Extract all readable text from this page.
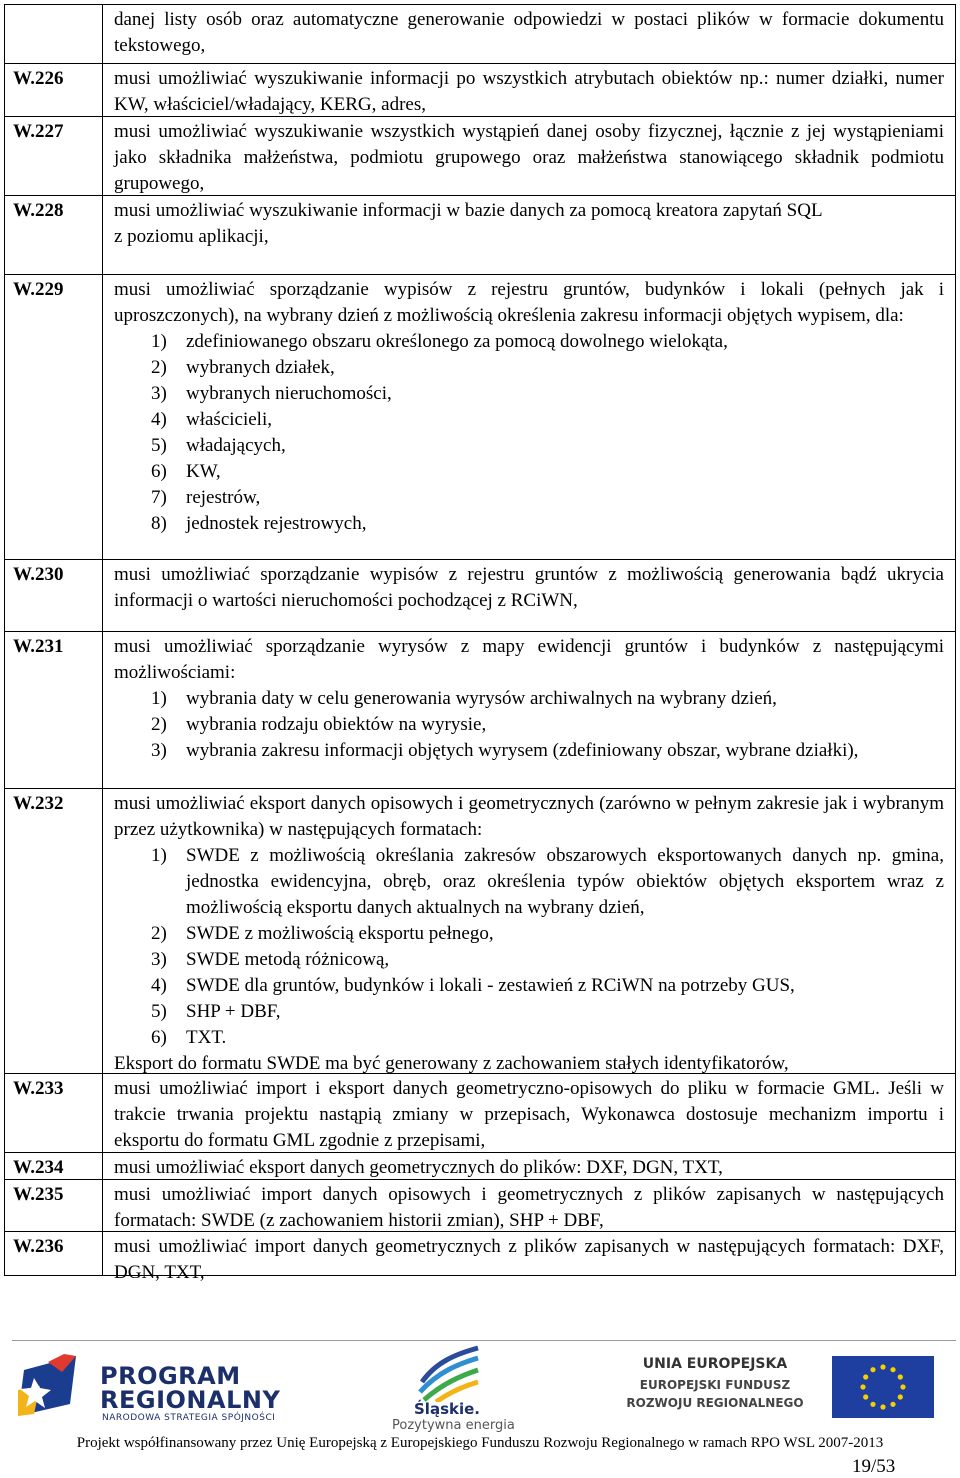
danej listy osób oraz automatyczne generowanie odpowiedzi w postaci plików w formacie dokumentu tekstowego,
W.226	musi umożliwiać wyszukiwanie informacji po wszystkich atrybutach obiektów np.: numer działki, numer KW, właściciel/władający, KERG, adres,
W.227	musi umożliwiać wyszukiwanie wszystkich wystąpień danej osoby fizycznej, łącznie z jej wystąpieniami jako składnika małżeństwa, podmiotu grupowego oraz małżeństwa stanowiącego składnik podmiotu grupowego,
W.228	musi umożliwiać wyszukiwanie informacji w bazie danych za pomocą kreatora zapytań SQL
z poziomu aplikacji,
W.229	musi umożliwiać sporządzanie wypisów z rejestru gruntów, budynków i lokali (pełnych jak i uproszczonych), na wybrany dzień z możliwością określenia zakresu informacji objętych wypisem, dla:
1) zdefiniowanego obszaru określonego za pomocą dowolnego wielokąta,
2) wybranych działek,
3) wybranych nieruchomości,
4) właścicieli,
5) władających,
6) KW,
7) rejestrów,
8) jednostek rejestrowych,
W.230	musi umożliwiać sporządzanie wypisów z rejestru gruntów z możliwością generowania bądź ukrycia informacji o wartości nieruchomości pochodzącej z RCiWN,
W.231	musi umożliwiać sporządzanie wyrysów z mapy ewidencji gruntów i budynków z następującymi możliwościami:
1) wybrania daty w celu generowania wyrysów archiwalnych na wybrany dzień,
2) wybrania rodzaju obiektów na wyrysie,
3) wybrania zakresu informacji objętych wyrysem (zdefiniowany obszar, wybrane działki),
W.232	musi umożliwiać eksport danych opisowych i geometrycznych (zarówno w pełnym zakresie jak i wybranym przez użytkownika) w następujących formatach:
1) SWDE z możliwością określania zakresów obszarowych eksportowanych danych np. gmina, jednostka ewidencyjna, obręb, oraz określenia typów obiektów objętych eksportem wraz z możliwością eksportu danych aktualnych na wybrany dzień,
2) SWDE z możliwością eksportu pełnego,
3) SWDE metodą różnicową,
4) SWDE dla gruntów, budynków i lokali - zestawień z RCiWN na potrzeby GUS,
5) SHP + DBF,
6) TXT.
Eksport do formatu SWDE ma być generowany z zachowaniem stałych identyfikatorów,
W.233	musi umożliwiać import i eksport danych geometryczno-opisowych do pliku w formacie GML. Jeśli w trakcie trwania projektu nastąpią zmiany w przepisach, Wykonawca dostosuje mechanizm importu i eksportu do formatu GML zgodnie z przepisami,
W.234	musi umożliwiać eksport danych geometrycznych do plików: DXF, DGN, TXT,
W.235	musi umożliwiać import danych opisowych i geometrycznych z plików zapisanych w następujących formatach: SWDE (z zachowaniem historii zmian), SHP + DBF,
W.236	musi umożliwiać import danych geometrycznych z plików zapisanych w następujących formatach: DXF, DGN, TXT,
PROGRAM
REGIONALNY
NARODOWA STRATEGIA SPÓJNOŚCI	Śląskie.
Pozytywna energia
UNIA EUROPEJSKA
EUROPEJSKI FUNDUSZ
ROZWOJU REGIONALNEGO
Projekt współfinansowany przez Unię Europejską z Europejskiego Funduszu Rozwoju Regionalnego w ramach RPO WSL 2007-2013
19/53
